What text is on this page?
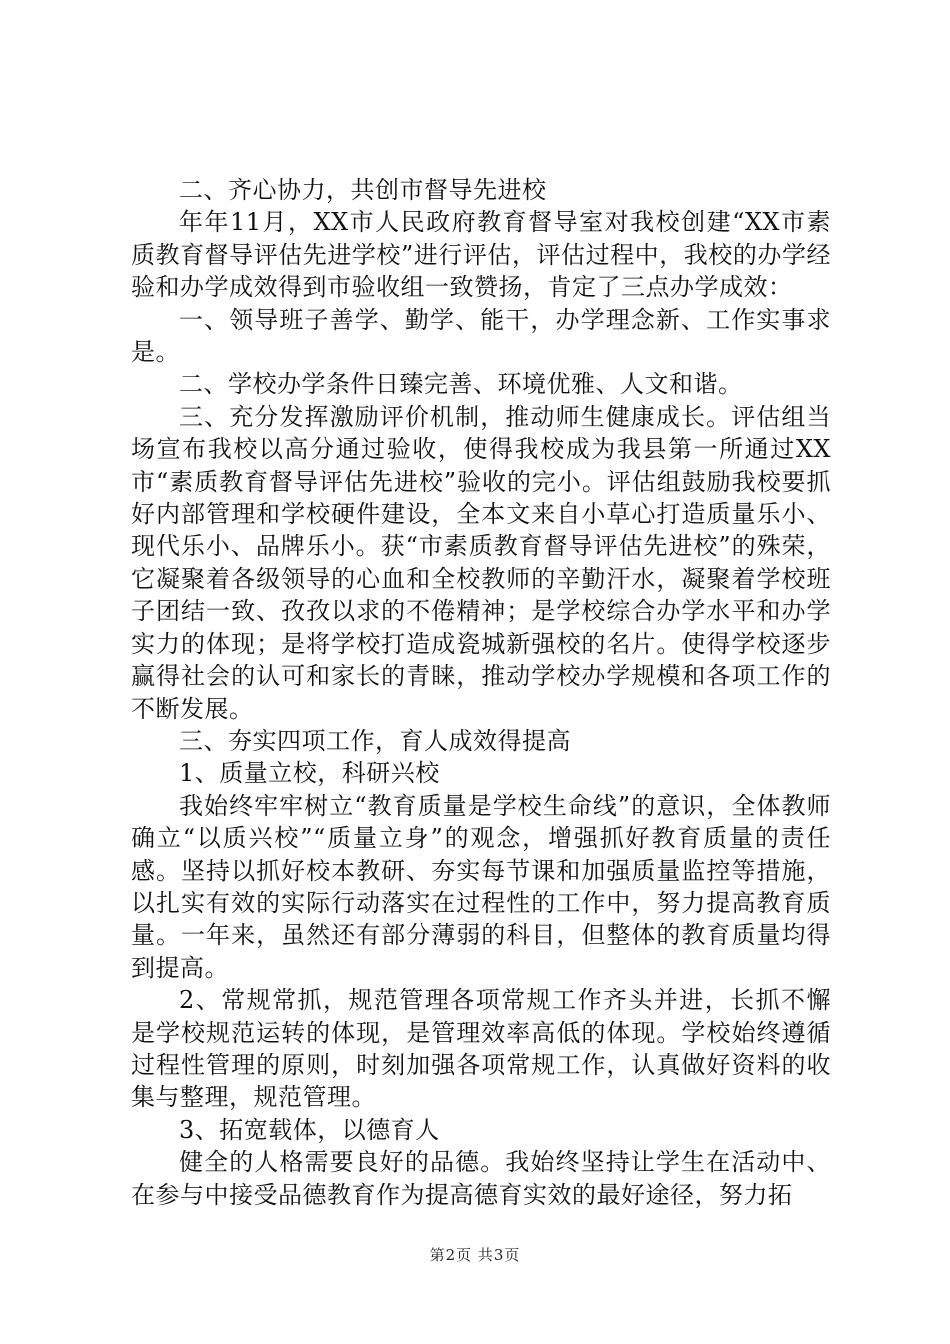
二、齐心协力，共创市督导先进校

年年11月，XX市人民政府教育督导室对我校创建“XX市素质教育督导评估先进学校”进行评估，评估过程中，我校的办学经验和办学成效得到市验收组一致赞扬，肯定了三点办学成效：

一、领导班子善学、勤学、能干，办学理念新、工作实事求是。

二、学校办学条件日臻完善、环境优雅、人文和谐。

三、充分发挥激励评价机制，推动师生健康成长。评估组当场宣布我校以高分通过验收，使得我校成为我县第一所通过XX市“素质教育督导评估先进校”验收的完小。评估组鼓励我校要抓好内部管理和学校硬件建设，全本文来自小草心打造质量乐小、现代乐小、品牌乐小。获“市素质教育督导评估先进校”的殊荣，它凝聚着各级领导的心血和全校教师的辛勤汗水，凝聚着学校班子团结一致、孜孜以求的不倦精神；是学校综合办学水平和办学实力的体现；是将学校打造成瓷城新强校的名片。使得学校逐步赢得社会的认可和家长的青睐，推动学校办学规模和各项工作的不断发展。

三、夯实四项工作，育人成效得提高

1、质量立校，科研兴校

我始终牢牢树立“教育质量是学校生命线”的意识，全体教师确立“以质兴校”“质量立身”的观念，增强抓好教育质量的责任感。坚持以抓好校本教研、夯实每节课和加强质量监控等措施，以扎实有效的实际行动落实在过程性的工作中，努力提高教育质量。一年来，虽然还有部分薄弱的科目，但整体的教育质量均得到提高。

2、常规常抓，规范管理各项常规工作齐头并进，长抓不懈是学校规范运转的体现，是管理效率高低的体现。学校始终遵循过程性管理的原则，时刻加强各项常规工作，认真做好资料的收集与整理，规范管理。

3、拓宽载体，以德育人

健全的人格需要良好的品德。我始终坚持让学生在活动中、在参与中接受品德教育作为提高德育实效的最好途径，努力拓

第2页 共3页
